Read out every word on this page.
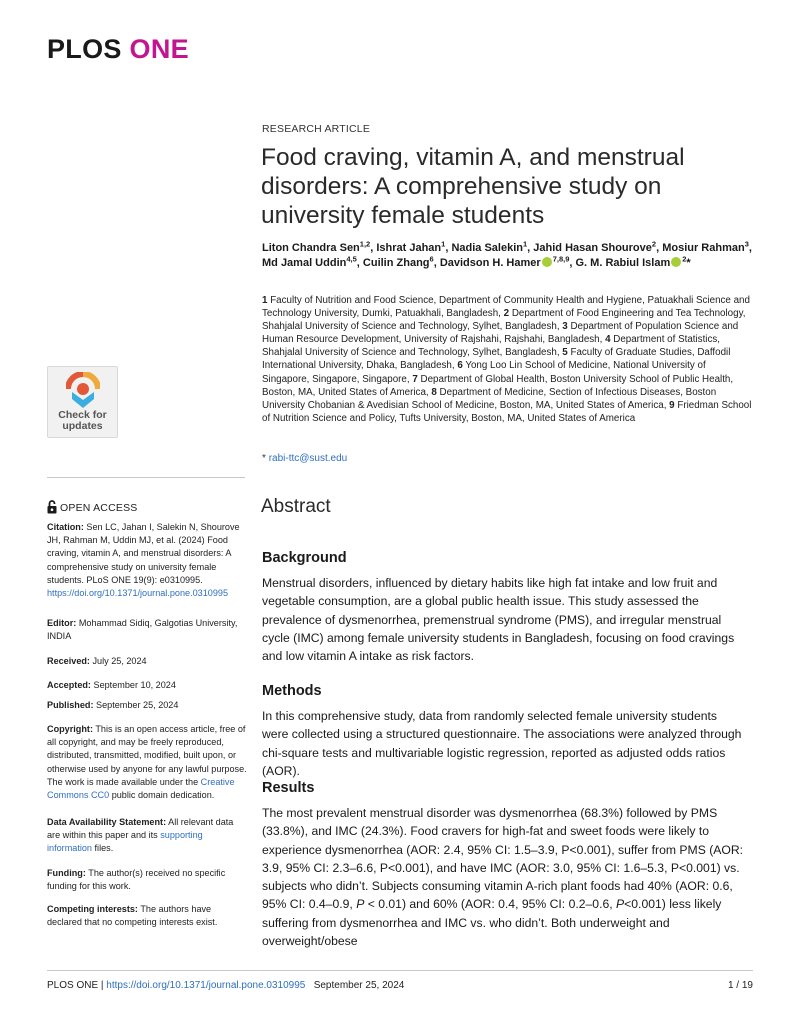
PLOS ONE
RESEARCH ARTICLE
Food craving, vitamin A, and menstrual disorders: A comprehensive study on university female students
Liton Chandra Sen$^{1,2}$, Ishrat Jahan$^1$, Nadia Salekin$^1$, Jahid Hasan Shourove$^2$, Mosiur Rahman$^3$, Md Jamal Uddin$^{4,5}$, Cuilin Zhang$^6$, Davidson H. Hamer $^{7,8,9}$, G. M. Rabiul Islam $^2$*
1 Faculty of Nutrition and Food Science, Department of Community Health and Hygiene, Patuakhali Science and Technology University, Dumki, Patuakhali, Bangladesh, 2 Department of Food Engineering and Tea Technology, Shahjalal University of Science and Technology, Sylhet, Bangladesh, 3 Department of Population Science and Human Resource Development, University of Rajshahi, Rajshahi, Bangladesh, 4 Department of Statistics, Shahjalal University of Science and Technology, Sylhet, Bangladesh, 5 Faculty of Graduate Studies, Daffodil International University, Dhaka, Bangladesh, 6 Yong Loo Lin School of Medicine, National University of Singapore, Singapore, Singapore, 7 Department of Global Health, Boston University School of Public Health, Boston, MA, United States of America, 8 Department of Medicine, Section of Infectious Diseases, Boston University Chobanian & Avedisian School of Medicine, Boston, MA, United States of America, 9 Friedman School of Nutrition Science and Policy, Tufts University, Boston, MA, United States of America
* rabi-ttc@sust.edu
Abstract
Background
Menstrual disorders, influenced by dietary habits like high fat intake and low fruit and vegetable consumption, are a global public health issue. This study assessed the prevalence of dysmenorrhea, premenstrual syndrome (PMS), and irregular menstrual cycle (IMC) among female university students in Bangladesh, focusing on food cravings and low vitamin A intake as risk factors.
Methods
In this comprehensive study, data from randomly selected female university students were collected using a structured questionnaire. The associations were analyzed through chi-square tests and multivariable logistic regression, reported as adjusted odds ratios (AOR).
Results
The most prevalent menstrual disorder was dysmenorrhea (68.3%) followed by PMS (33.8%), and IMC (24.3%). Food cravers for high-fat and sweet foods were likely to experience dysmenorrhea (AOR: 2.4, 95% CI: 1.5–3.9, P<0.001), suffer from PMS (AOR: 3.9, 95% CI: 2.3–6.6, P<0.001), and have IMC (AOR: 3.0, 95% CI: 1.6–5.3, P<0.001) vs. subjects who didn’t. Subjects consuming vitamin A-rich plant foods had 40% (AOR: 0.6, 95% CI: 0.4–0.9, P < 0.01) and 60% (AOR: 0.4, 95% CI: 0.2–0.6, P<0.001) less likely suffering from dysmenorrhea and IMC vs. who didn’t. Both underweight and overweight/obese
Check for
updates
OPEN ACCESS
Citation: Sen LC, Jahan I, Salekin N, Shourove JH, Rahman M, Uddin MJ, et al. (2024) Food craving, vitamin A, and menstrual disorders: A comprehensive study on university female students. PLoS ONE 19(9): e0310995. https://doi.org/10.1371/journal.pone.0310995
Editor: Mohammad Sidiq, Galgotias University, INDIA
Received: July 25, 2024
Accepted: September 10, 2024
Published: September 25, 2024
Copyright: This is an open access article, free of all copyright, and may be freely reproduced, distributed, transmitted, modified, built upon, or otherwise used by anyone for any lawful purpose. The work is made available under the Creative Commons CC0 public domain dedication.
Data Availability Statement: All relevant data are within this paper and its supporting information files.
Funding: The author(s) received no specific funding for this work.
Competing interests: The authors have declared that no competing interests exist.
PLOS ONE | https://doi.org/10.1371/journal.pone.0310995 September 25, 2024	1 / 19
